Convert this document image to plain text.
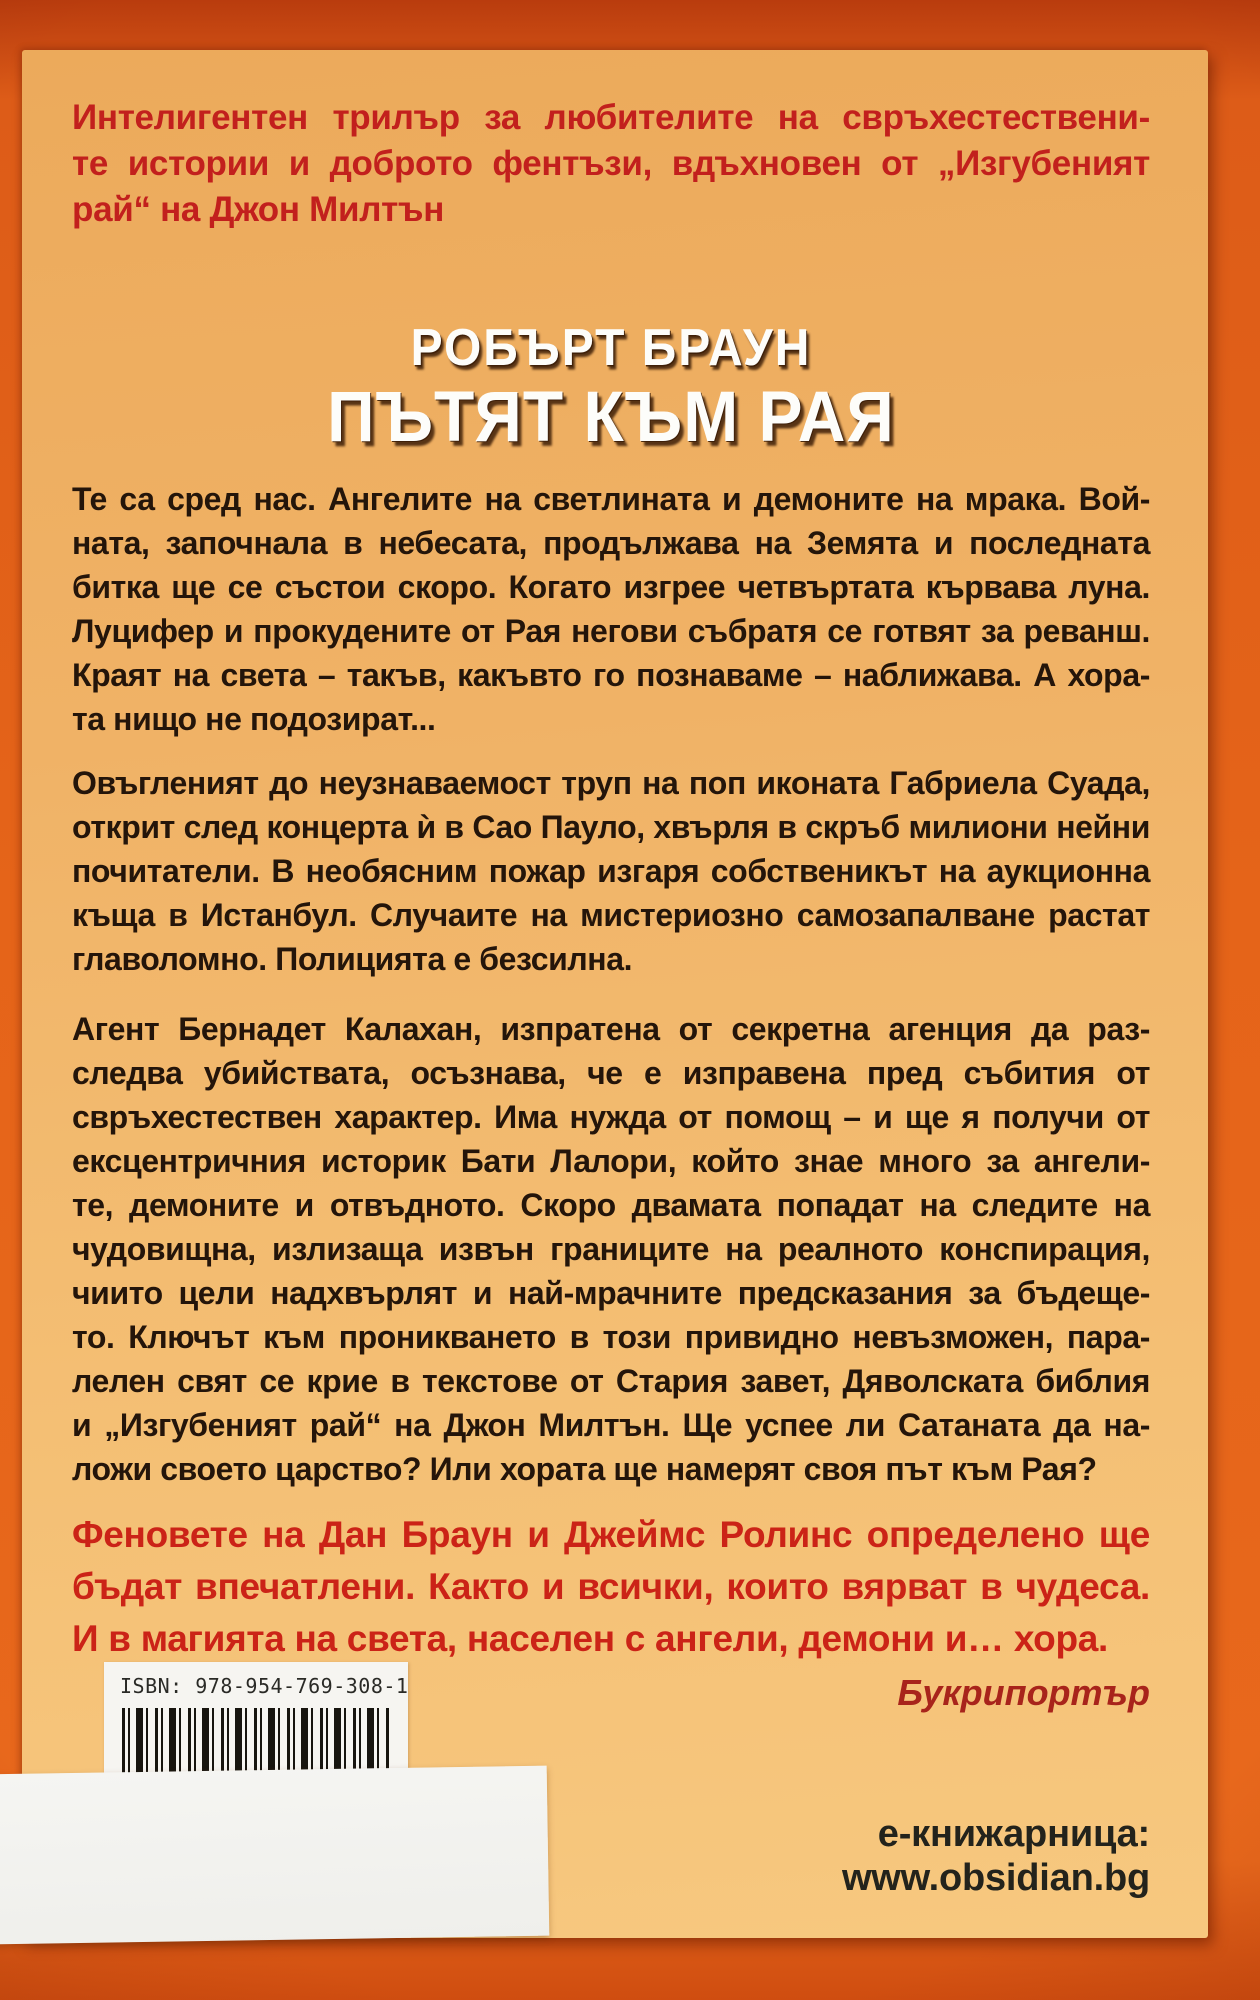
Интелигентен трилър за любителите на свръхестествени-
те истории и доброто фентъзи, вдъхновен от „Изгубеният
рай“ на Джон Милтън
РОБЪРТ БРАУН
ПЪТЯТ КЪМ РАЯ
Те са сред нас. Ангелите на светлината и демоните на мрака. Вой-
ната, започнала в небесата, продължава на Земята и последната
битка ще се състои скоро. Когато изгрее четвъртата кървава луна.
Луцифер и прокудените от Рая негови събратя се готвят за реванш.
Краят на света – такъв, какъвто го познаваме – наближава. А хора-
та нищо не подозират...
Овъгленият до неузнаваемост труп на поп иконата Габриела Суада,
открит след концерта ѝ в Сао Пауло, хвърля в скръб милиони нейни
почитатели. В необясним пожар изгаря собственикът на аукционна
къща в Истанбул. Случаите на мистериозно самозапалване растат
главоломно. Полицията е безсилна.
Агент Бернадет Калахан, изпратена от секретна агенция да раз-
следва убийствата, осъзнава, че е изправена пред събития от
свръхестествен характер. Има нужда от помощ – и ще я получи от
ексцентричния историк Бати Лалори, който знае много за ангели-
те, демоните и отвъдното. Скоро двамата попадат на следите на
чудовищна, излизаща извън границите на реалното конспирация,
чиито цели надхвърлят и най-мрачните предсказания за бъдеще-
то. Ключът към проникването в този привидно невъзможен, пара-
лелен свят се крие в текстове от Стария завет, Дяволската библия
и „Изгубеният рай“ на Джон Милтън. Ще успее ли Сатаната да на-
ложи своето царство? Или хората ще намерят своя път към Рая?
Феновете на Дан Браун и Джеймс Ролинс определено ще
бъдат впечатлени. Както и всички, които вярват в чудеса.
И в магията на света, населен с ангели, демони и… хора.
Букрипортър
ISBN: 978-954-769-308-1
е-книжарница:
www.obsidian.bg
